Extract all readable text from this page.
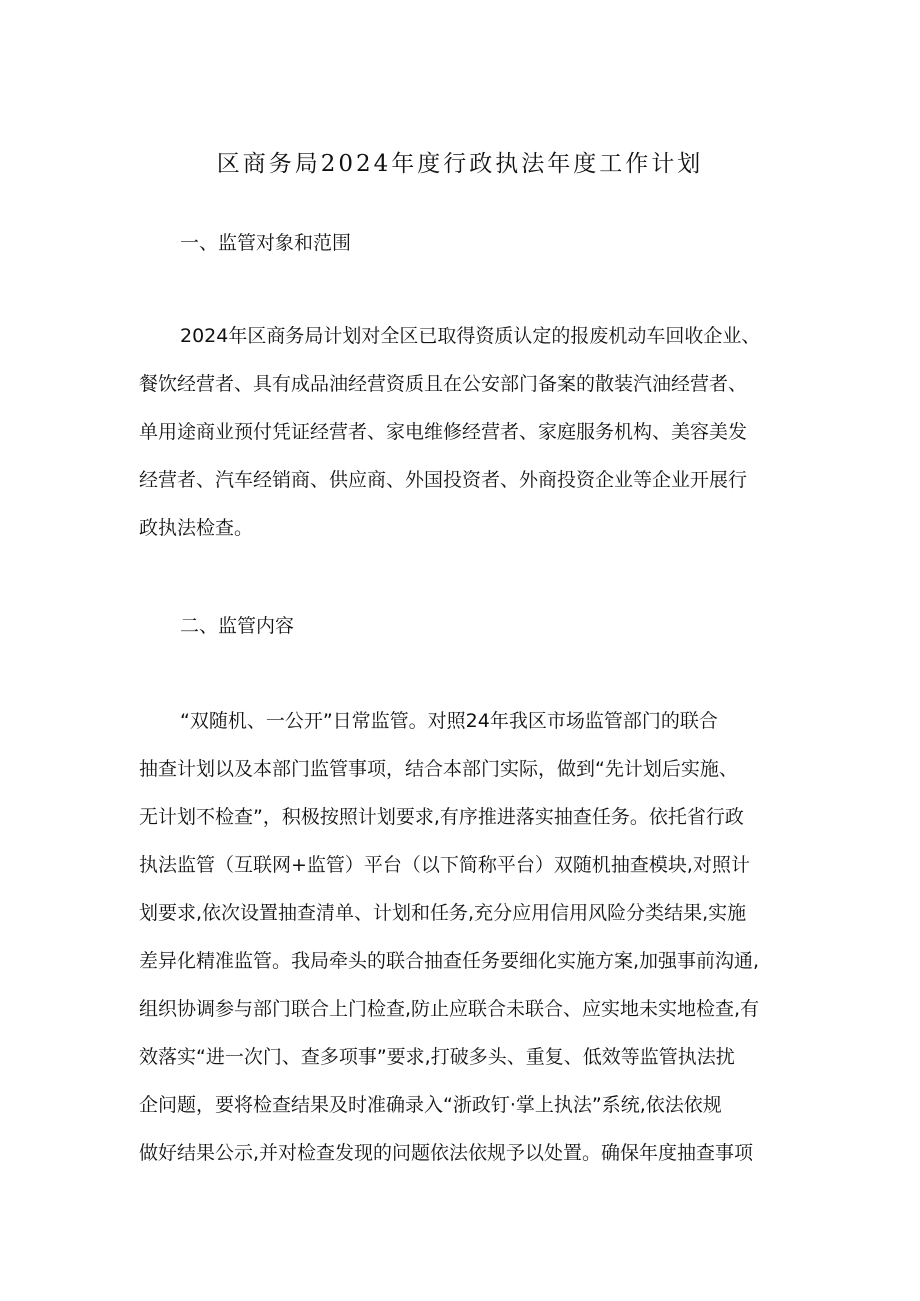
区商务局2024年度行政执法年度工作计划
一、监管对象和范围
2024年区商务局计划对全区已取得资质认定的报废机动车回收企业、
餐饮经营者、具有成品油经营资质且在公安部门备案的散装汽油经营者、
单用途商业预付凭证经营者、家电维修经营者、家庭服务机构、美容美发
经营者、汽车经销商、供应商、外国投资者、外商投资企业等企业开展行
政执法检查。
二、监管内容
“双随机、一公开”日常监管。对照24年我区市场监管部门的联合
抽查计划以及本部门监管事项，结合本部门实际，做到“先计划后实施、
无计划不检查”，积极按照计划要求,有序推进落实抽查任务。依托省行政
执法监管（互联网+监管）平台（以下简称平台）双随机抽查模块,对照计
划要求,依次设置抽查清单、计划和任务,充分应用信用风险分类结果,实施
差异化精准监管。我局牵头的联合抽查任务要细化实施方案,加强事前沟通,
组织协调参与部门联合上门检查,防止应联合未联合、应实地未实地检查,有
效落实“进一次门、查多项事”要求,打破多头、重复、低效等监管执法扰
企问题，要将检查结果及时准确录入“浙政钉·掌上执法”系统,依法依规
做好结果公示,并对检查发现的问题依法依规予以处置。确保年度抽查事项
